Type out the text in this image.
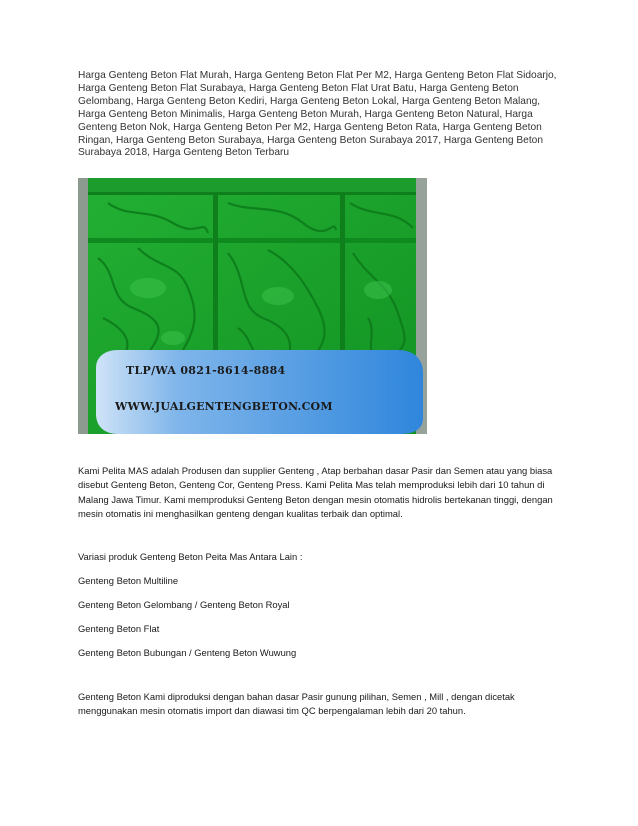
Harga Genteng Beton Flat Murah, Harga Genteng Beton Flat Per M2, Harga Genteng Beton Flat Sidoarjo, Harga Genteng Beton Flat Surabaya, Harga Genteng Beton Flat Urat Batu, Harga Genteng Beton Gelombang, Harga Genteng Beton Kediri, Harga Genteng Beton Lokal, Harga Genteng Beton Malang, Harga Genteng Beton Minimalis, Harga Genteng Beton Murah, Harga Genteng Beton Natural, Harga Genteng Beton Nok, Harga Genteng Beton Per M2, Harga Genteng Beton Rata, Harga Genteng Beton Ringan, Harga Genteng Beton Surabaya, Harga Genteng Beton Surabaya 2017, Harga Genteng Beton Surabaya 2018, Harga Genteng Beton Terbaru

TLP/WA 0821-8614-8884
WWW.JUALGENTENGBETON.COM

Kami Pelita MAS adalah Produsen dan supplier Genteng , Atap berbahan dasar Pasir dan Semen atau yang biasa disebut Genteng Beton, Genteng Cor, Genteng Press. Kami Pelita Mas telah memproduksi lebih dari 10 tahun di Malang Jawa Timur. Kami memproduksi Genteng Beton dengan mesin otomatis hidrolis bertekanan tinggi, dengan mesin otomatis ini menghasilkan genteng dengan kualitas terbaik dan optimal.

Variasi produk Genteng Beton Peita Mas Antara Lain :

Genteng Beton Multiline

Genteng Beton Gelombang / Genteng Beton Royal

Genteng Beton Flat

Genteng Beton Bubungan / Genteng Beton Wuwung

Genteng Beton Kami diproduksi dengan bahan dasar Pasir gunung pilihan, Semen , Mill , dengan dicetak menggunakan mesin otomatis import dan diawasi tim QC berpengalaman lebih dari 20 tahun.
